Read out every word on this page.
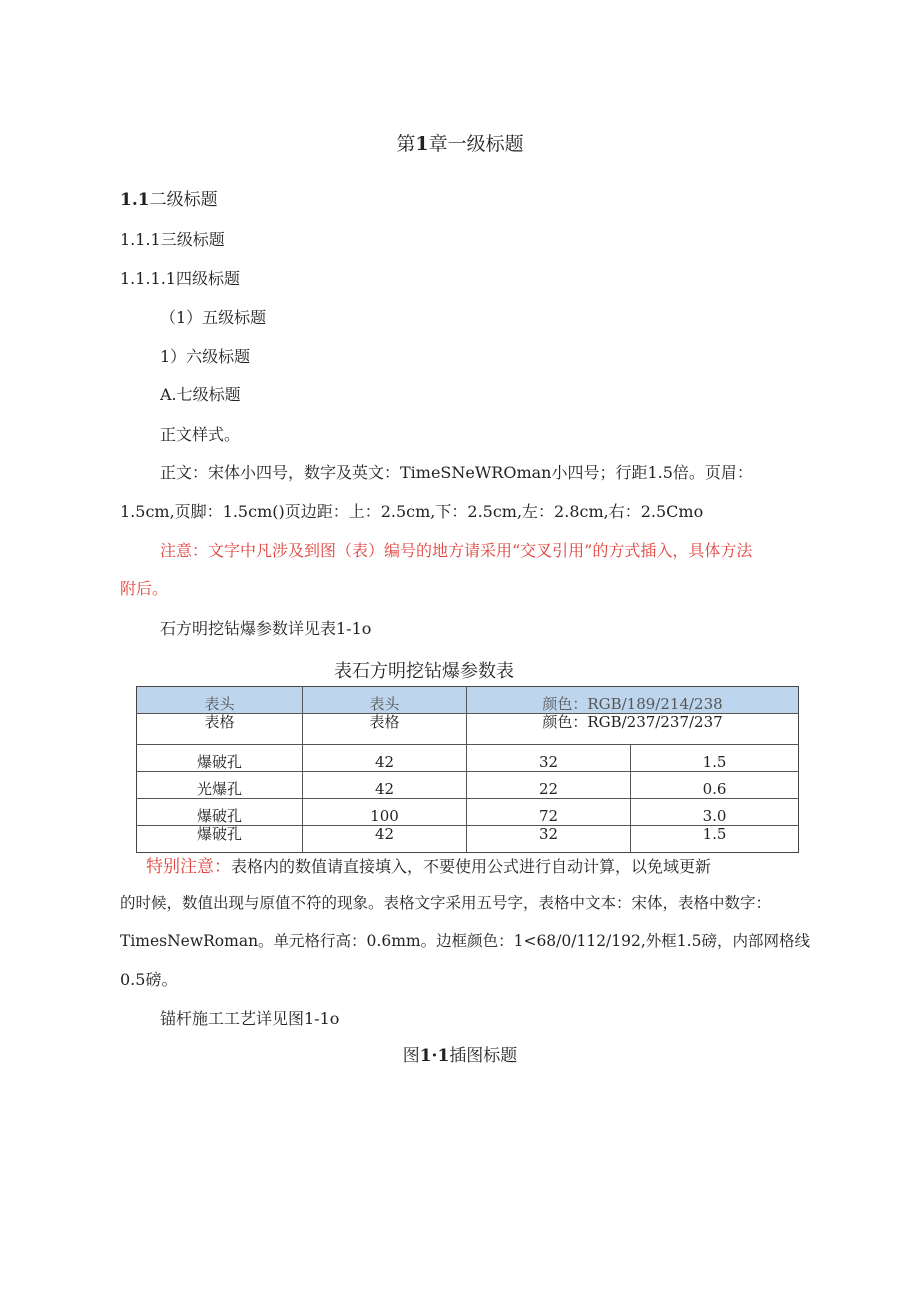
第1章一级标题
1.1二级标题
1.1.1三级标题
1.1.1.1四级标题
（1）五级标题
1）六级标题
A.七级标题
正文样式。
正文：宋体小四号，数字及英文：TimeSNeWROman小四号；行距1.5倍。页眉：
1.5cm,页脚：1.5cm()页边距：上：2.5cm,下：2.5cm,左：2.8cm,右：2.5Cmo
注意：文字中凡涉及到图（表）编号的地方请采用“交叉引用”的方式插入，具体方法
附后。
石方明挖钻爆参数详见表1-1o
表石方明挖钻爆参数表
表头	表头	颜色：RGB/189/214/238	
表格	表格	颜色：RGB/237/237/237	
爆破孔	42	32	1.5
光爆孔	42	22	0.6
爆破孔	100	72	3.0
爆破孔	42	32	1.5
特别注意：表格内的数值请直接填入，不要使用公式进行自动计算，以免域更新
的时候，数值出现与原值不符的现象。表格文字采用五号字，表格中文本：宋体，表格中数字：
TimesNewRoman。单元格行高：0.6mm。边框颜色：1<68/0/112/192,外框1.5磅，内部网格线
0.5磅。
锚杆施工工艺详见图1-1o
图1·1插图标题
